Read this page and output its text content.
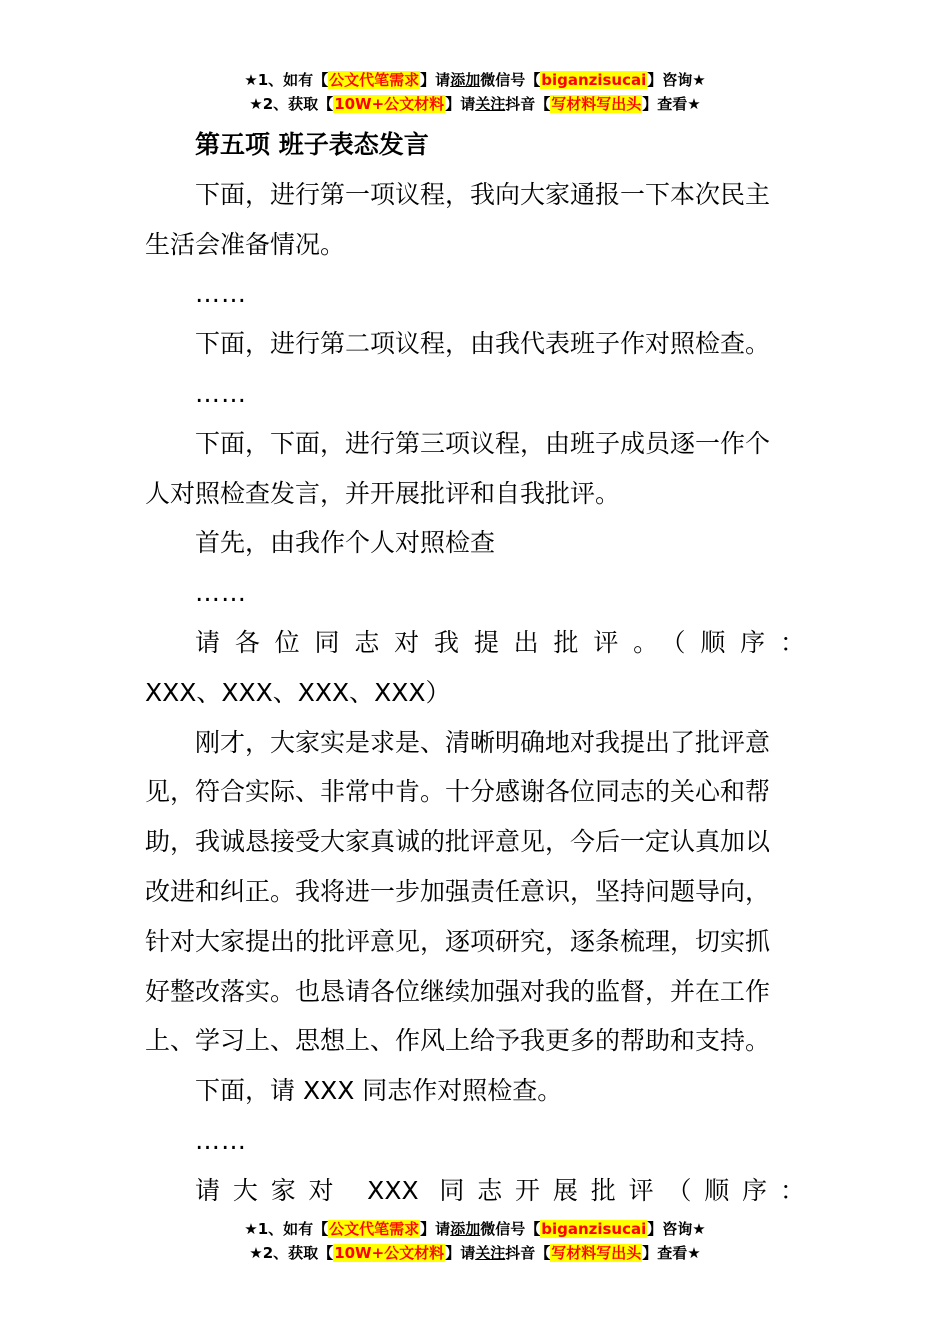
★1、如有【公文代笔需求】请添加微信号【biganzisucai】咨询★
★2、获取【10W+公文材料】请关注抖音【写材料写出头】查看★

第五项 班子表态发言

下面，进行第一项议程，我向大家通报一下本次民主

生活会准备情况。

……

下面，进行第二项议程，由我代表班子作对照检查。

……

下面，下面，进行第三项议程，由班子成员逐一作个

人对照检查发言，并开展批评和自我批评。

首先，由我作个人对照检查

……

请各位同志对我提出批评。（顺序：

XXX、XXX、XXX、XXX）

刚才，大家实是求是、清晰明确地对我提出了批评意

见，符合实际、非常中肯。十分感谢各位同志的关心和帮

助，我诚恳接受大家真诚的批评意见，今后一定认真加以

改进和纠正。我将进一步加强责任意识，坚持问题导向，

针对大家提出的批评意见，逐项研究，逐条梳理，切实抓

好整改落实。也恳请各位继续加强对我的监督，并在工作

上、学习上、思想上、作风上给予我更多的帮助和支持。

下面，请 XXX 同志作对照检查。

……

请大家对 XXX 同志开展批评（顺序：

★1、如有【公文代笔需求】请添加微信号【biganzisucai】咨询★
★2、获取【10W+公文材料】请关注抖音【写材料写出头】查看★
